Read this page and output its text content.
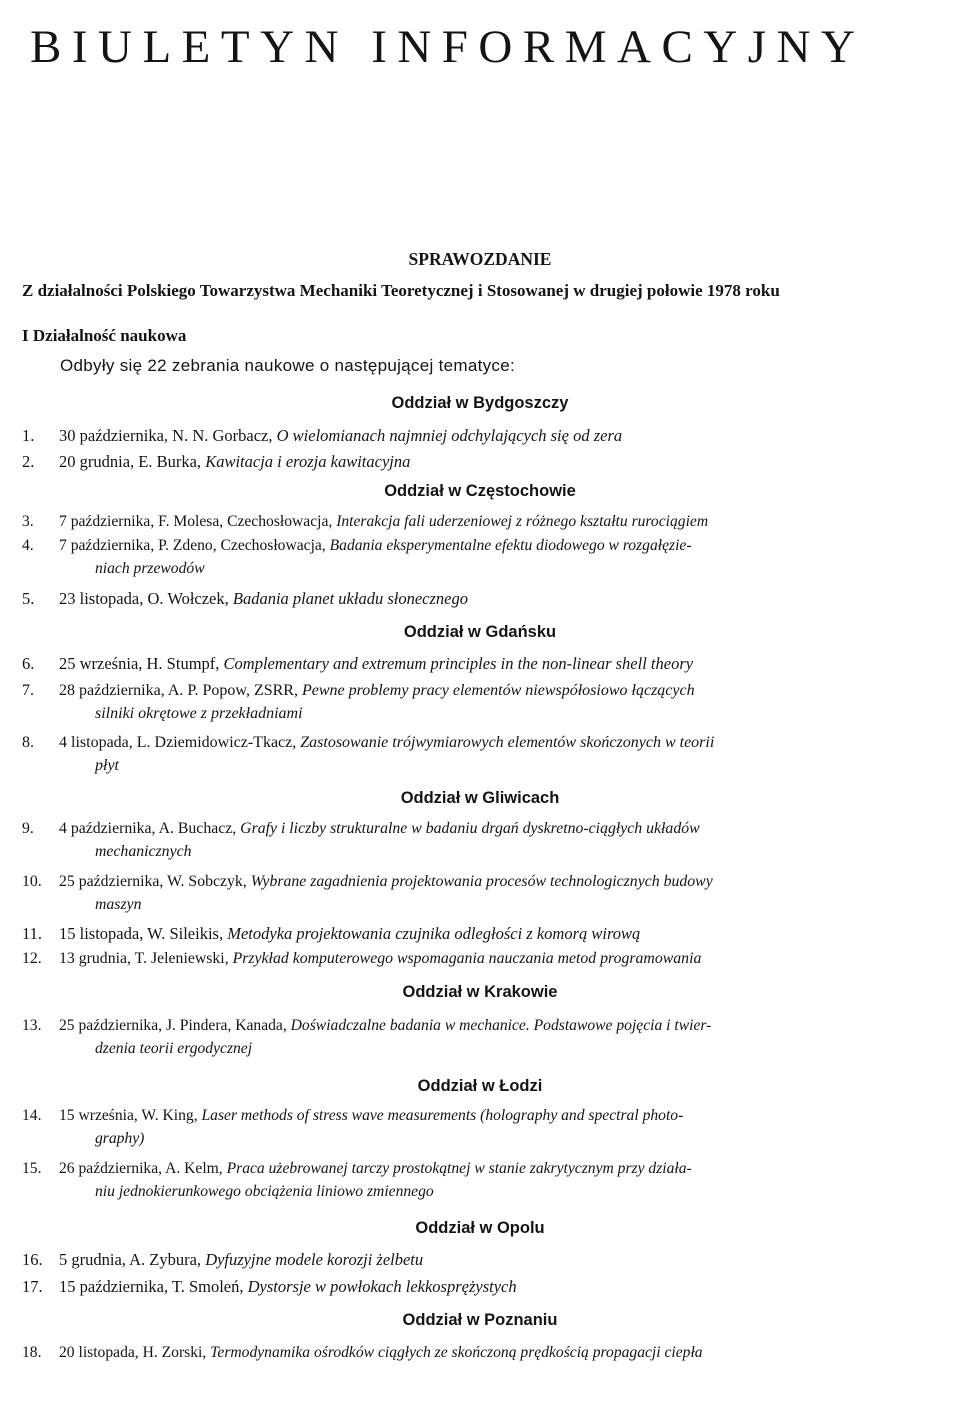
BIULETYN INFORMACYJNY
SPRAWOZDANIE
Z działalności Polskiego Towarzystwa Mechaniki Teoretycznej i Stosowanej w drugiej połowie 1978 roku
I Działalność naukowa
Odbyły się 22 zebrania naukowe o następującej tematyce:
Oddział w Bydgoszczy
Oddział w Częstochowie
Oddział w Gdańsku
Oddział w Gliwicach
Oddział w Krakowie
Oddział w Łodzi
Oddział w Opolu
Oddział w Poznaniu
1.	30 października, N. N. Gorbacz, O wielomianach najmniej odchylających się od zera
2.	20 grudnia, E. Burka, Kawitacja i erozja kawitacyjna
3.	7 października, F. Molesa, Czechosłowacja, Interakcja fali uderzeniowej z różnego kształtu rurociągiem
4.	7 października, P. Zdeno, Czechosłowacja, Badania eksperymentalne efektu diodowego w rozgałęzie-
niach przewodów
5.	23 listopada, O. Wołczek, Badania planet układu słonecznego
6.	25 września, H. Stumpf, Complementary and extremum principles in the non-linear shell theory
7.	28 października, A. P. Popow, ZSRR, Pewne problemy pracy elementów niewspółosiowo łączących
silniki okrętowe z przekładniami
8.	4 listopada, L. Dziemidowicz-Tkacz, Zastosowanie trójwymiarowych elementów skończonych w teorii
płyt
9.	4 października, A. Buchacz, Grafy i liczby strukturalne w badaniu drgań dyskretno-ciągłych układów
mechanicznych
10.	25 października, W. Sobczyk, Wybrane zagadnienia projektowania procesów technologicznych budowy
maszyn
11.	15 listopada, W. Sileikis, Metodyka projektowania czujnika odległości z komorą wirową
12.	13 grudnia, T. Jeleniewski, Przykład komputerowego wspomagania nauczania metod programowania
13.	25 października, J. Pindera, Kanada, Doświadczalne badania w mechanice. Podstawowe pojęcia i twier-
dzenia teorii ergodycznej
14.	15 września, W. King, Laser methods of stress wave measurements (holography and spectral photo-
graphy)
15.	26 października, A. Kelm, Praca użebrowanej tarczy prostokątnej w stanie zakrytycznym przy działa-
niu jednokierunkowego obciążenia liniowo zmiennego
16. 5 grudnia, A. Zybura, Dyfuzyjne modele korozji żelbetu
17. 15 października, T. Smoleń, Dystorsje w powłokach lekkosprężystych
18.	20 listopada, H. Zorski, Termodynamika ośrodków ciągłych ze skończoną prędkością propagacji ciepła
